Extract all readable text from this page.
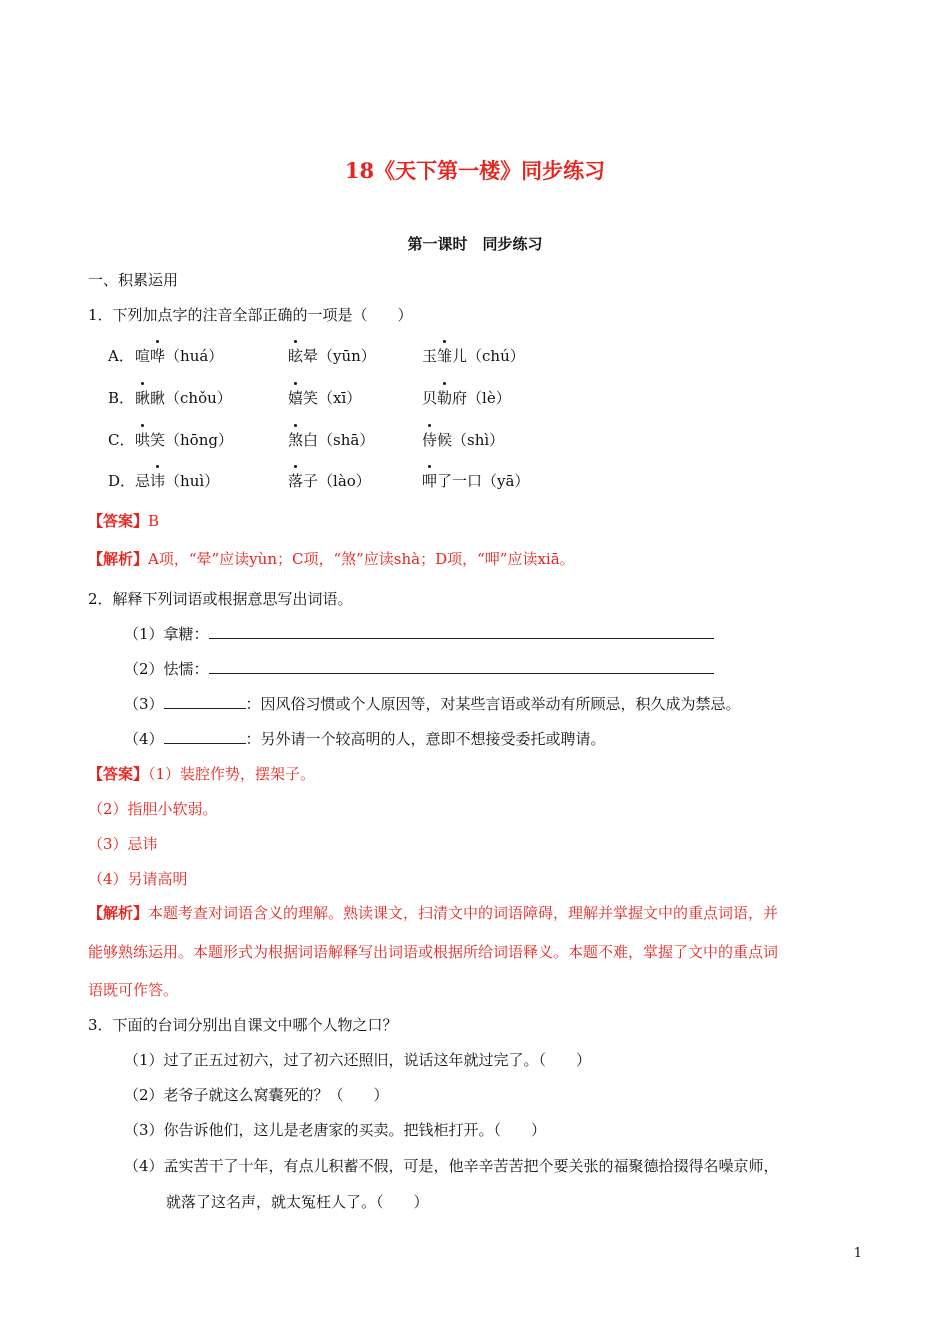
18《天下第一楼》同步练习
第一课时　同步练习
一、积累运用
1．下列加点字的注音全部正确的一项是（　　）
A． 喧哗（huá）	眩晕（yūn）	玉雏儿（chú）
B． 瞅瞅（chǒu）	嬉笑（xī）	贝勒府（lè）
C． 哄笑（hōng）	煞白（shā）	侍候（shì）
D． 忌讳（huì）	落子（lào）	呷了一口（yā）
【答案】B
【解析】A项，“晕”应读yùn；C项，“煞”应读shà；D项，“呷”应读xiā。
2．解释下列词语或根据意思写出词语。
（1）拿糖：
（2）怯懦：
（3）	：因风俗习惯或个人原因等，对某些言语或举动有所顾忌，积久成为禁忌。
（4）	：另外请一个较高明的人，意即不想接受委托或聘请。
【答案】（1）装腔作势，摆架子。
（2）指胆小软弱。
（3）忌讳
（4）另请高明
【解析】本题考查对词语含义的理解。熟读课文，扫清文中的词语障碍，理解并掌握文中的重点词语，并
能够熟练运用。本题形式为根据词语解释写出词语或根据所给词语释义。本题不难，掌握了文中的重点词
语既可作答。
3．下面的台词分别出自课文中哪个人物之口？
（1）过了正五过初六，过了初六还照旧，说话这年就过完了。（　　）
（2）老爷子就这么窝囊死的？（　　）
（3）你告诉他们，这儿是老唐家的买卖。把钱柜打开。（　　）
（4）孟实苦干了十年，有点儿积蓄不假，可是，他辛辛苦苦把个要关张的福聚德拾掇得名噪京师，
就落了这名声，就太冤枉人了。（　　）
1
